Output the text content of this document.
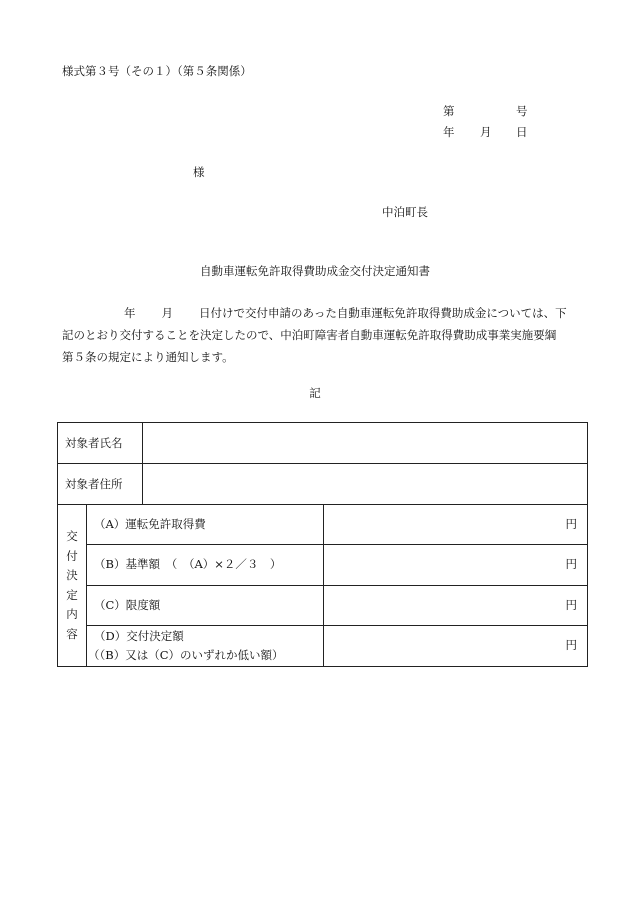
様式第３号（その１）（第５条関係）
第	号
年 月 日
様
中泊町長
自動車運転免許取得費助成金交付決定通知書
年 月 日付けで交付申請のあった自動車運転免許取得費助成金については、下
記のとおり交付することを決定したので、中泊町障害者自動車運転免許取得費助成事業実施要綱
第５条の規定により通知します。
記
対象者氏名
対象者住所
交
付
決
定
内
容
（A）運転免許取得費	円
（B）基準額　（　（A）×２／３　）	円
（C）限度額	円
（D）交付決定額
（（B）又は（C）のいずれか低い額）
円
